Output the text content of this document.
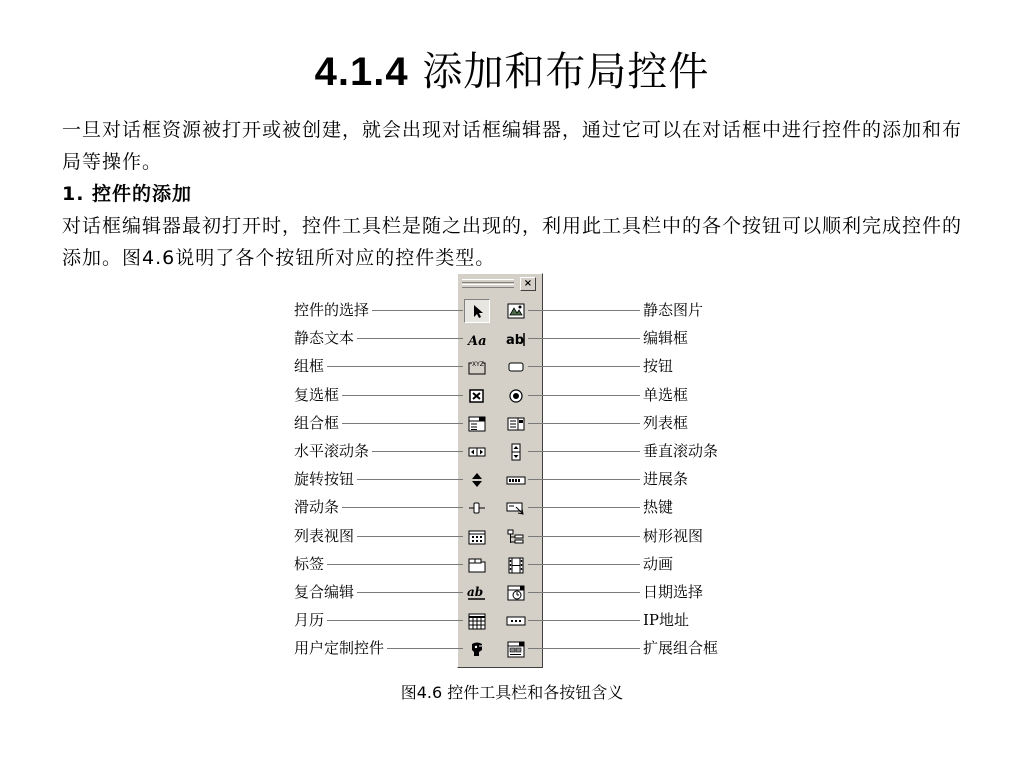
4.1.4 添加和布局控件
一旦对话框资源被打开或被创建，就会出现对话框编辑器，通过它可以在对话框中进行控件的添加和布局等操作。
1. 控件的添加
对话框编辑器最初打开时，控件工具栏是随之出现的，利用此工具栏中的各个按钮可以顺利完成控件的添加。图4.6说明了各个按钮所对应的控件类型。
×
Aa ab
XYZ
ab
图4.6 控件工具栏和各按钮含义
控件的选择	静态图片
静态文本	编辑框
组框	按钮
复选框	单选框
组合框	列表框
水平滚动条	垂直滚动条
旋转按钮	进展条
滑动条	热键
列表视图	树形视图
标签	动画
复合编辑	日期选择
月历	IP地址
用户定制控件	扩展组合框
